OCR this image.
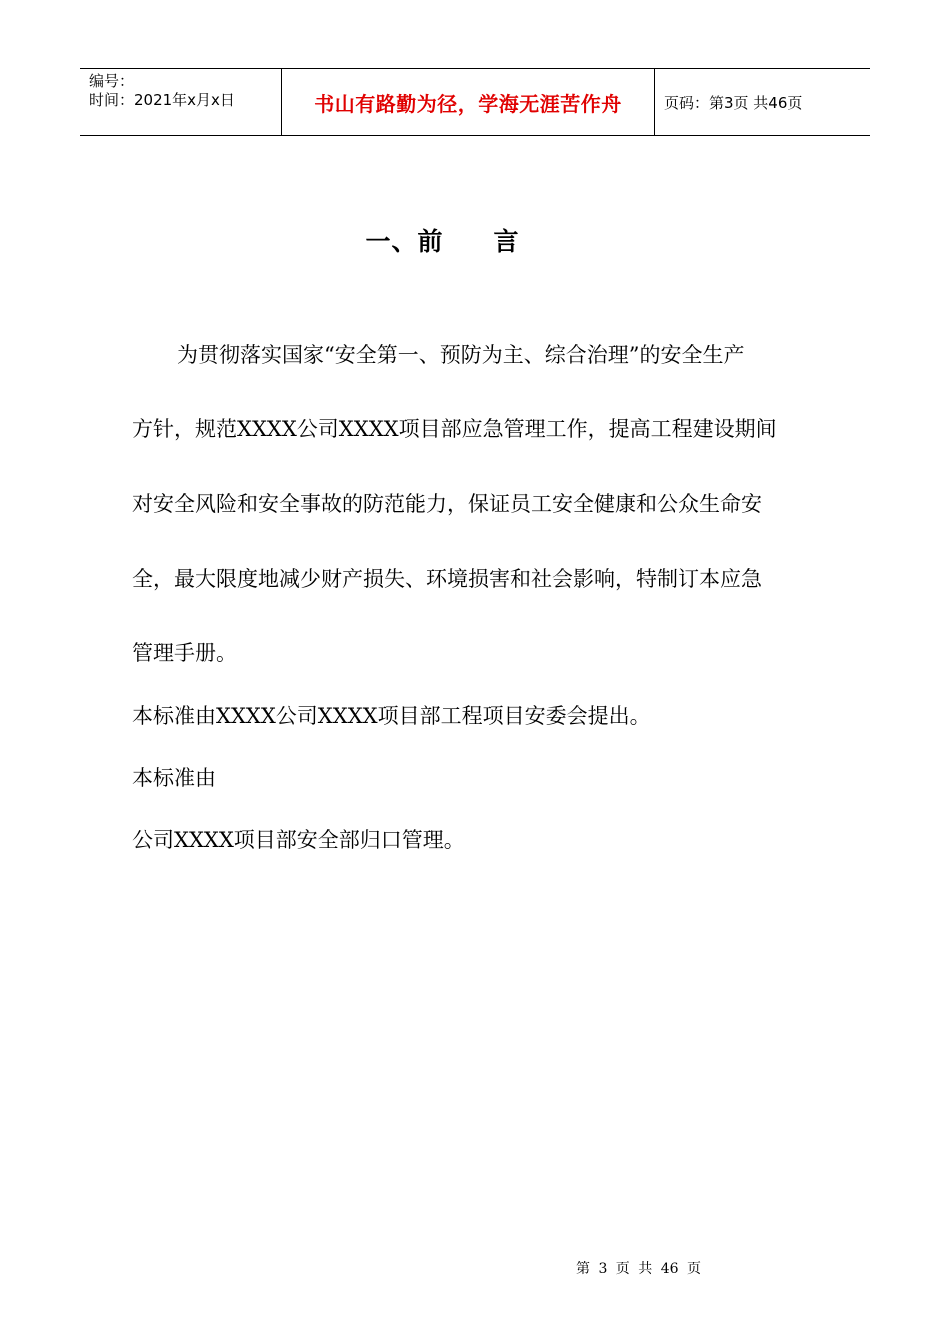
编号：
时间：2021年x月x日	书山有路勤为径，学海无涯苦作舟	页码：第3页 共46页
一、前 言
为贯彻落实国家“安全第一、预防为主、综合治理”的安全生产
方针，规范XXXX公司XXXX项目部应急管理工作，提高工程建设期间
对安全风险和安全事故的防范能力，保证员工安全健康和公众生命安
全，最大限度地减少财产损失、环境损害和社会影响，特制订本应急
管理手册。
本标准由XXXX公司XXXX项目部工程项目安委会提出。
本标准由
公司XXXX项目部安全部归口管理。
第 3 页 共 46 页
